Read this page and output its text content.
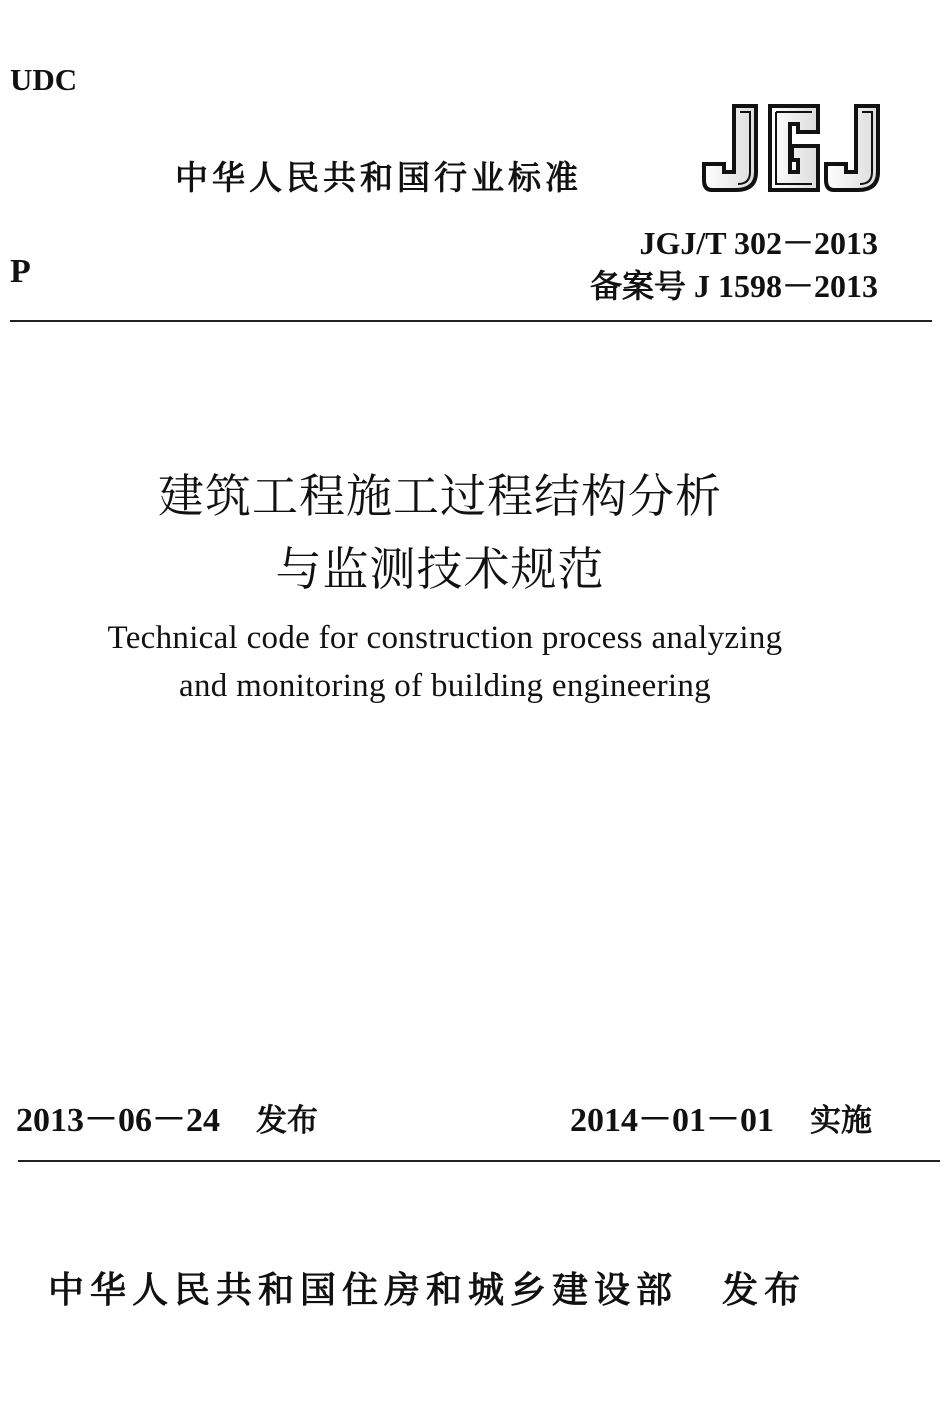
UDC
P
中华人民共和国行业标准
JGJ/T 302－2013
备案号 J 1598－2013
建筑工程施工过程结构分析
与监测技术规范
Technical code for construction process analyzing
and monitoring of building engineering
2013－06－24 发布	2014－01－01 实施
中华人民共和国住房和城乡建设部 发布
